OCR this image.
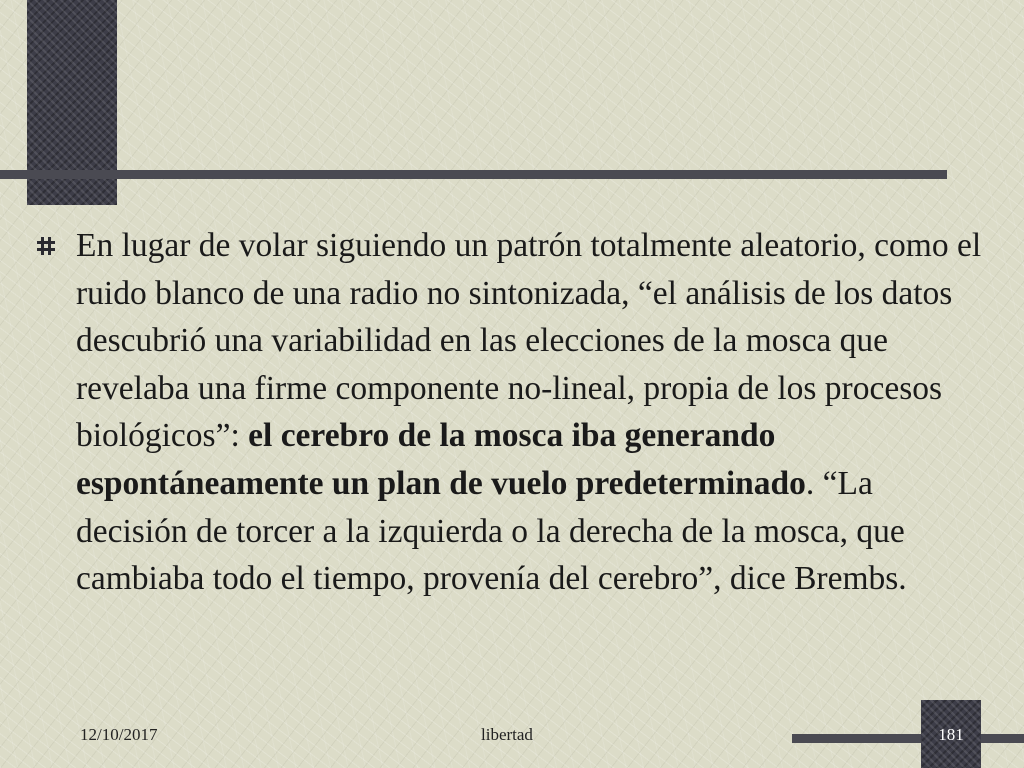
En lugar de volar siguiendo un patrón totalmente aleatorio, como el ruido blanco de una radio no sintonizada, “el análisis de los datos descubrió una variabilidad en las elecciones de la mosca que revelaba una firme componente no-lineal, propia de los procesos biológicos”: el cerebro de la mosca iba generando espontáneamente un plan de vuelo predeterminado. “La decisión de torcer a la izquierda o la derecha de la mosca, que cambiaba todo el tiempo, provenía del cerebro”, dice Brembs.
12/10/2017	libertad	181
